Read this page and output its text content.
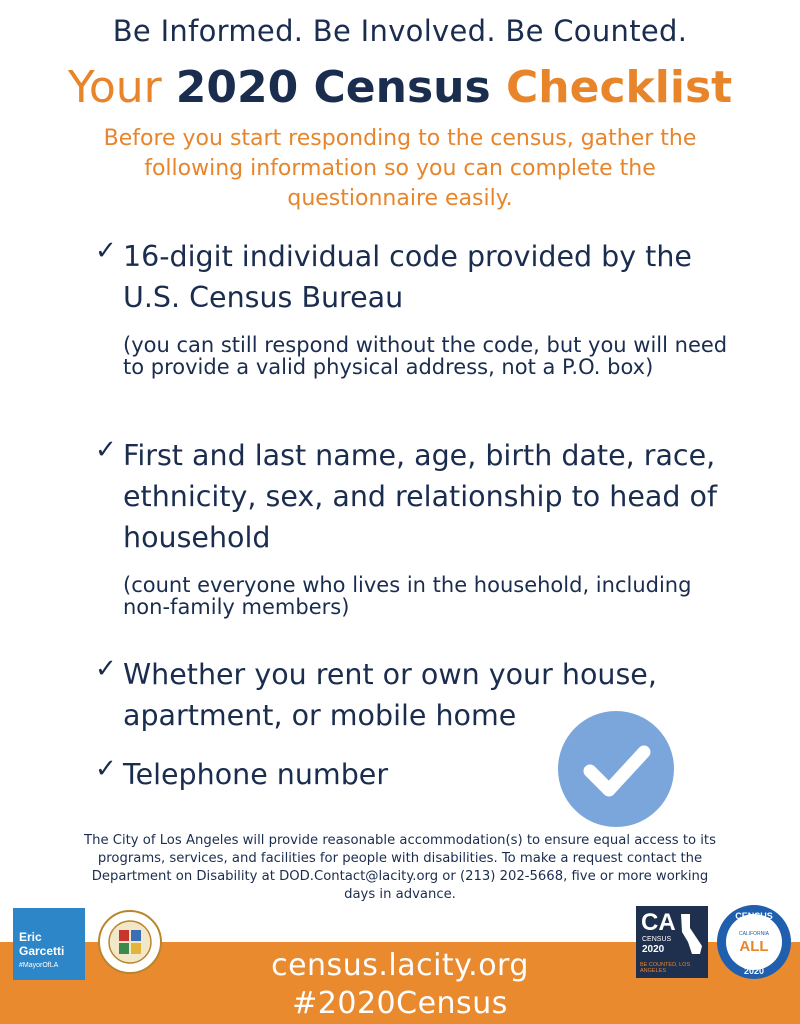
Be Informed. Be Involved. Be Counted.
Your 2020 Census Checklist
Before you start responding to the census, gather the following information so you can complete the questionnaire easily.
✓ 16-digit individual code provided by the U.S. Census Bureau
(you can still respond without the code, but you will need to provide a valid physical address, not a P.O. box)
✓ First and last name, age, birth date, race, ethnicity, sex, and relationship to head of household
(count everyone who lives in the household, including non-family members)
✓ Whether you rent or own your house, apartment, or mobile home
✓ Telephone number
The City of Los Angeles will provide reasonable accommodation(s) to ensure equal access to its programs, services, and facilities for people with disabilities. To make a request contact the Department on Disability at DOD.Contact@lacity.org or (213) 202-5668, five or more working days in advance.
census.lacity.org
#2020Census
Eric Garcetti
#MayorOfLA
CA
CENSUS
2020
BE COUNTED, LOS ANGELES
CENSUS
CALIFORNIA
ALL
2020
